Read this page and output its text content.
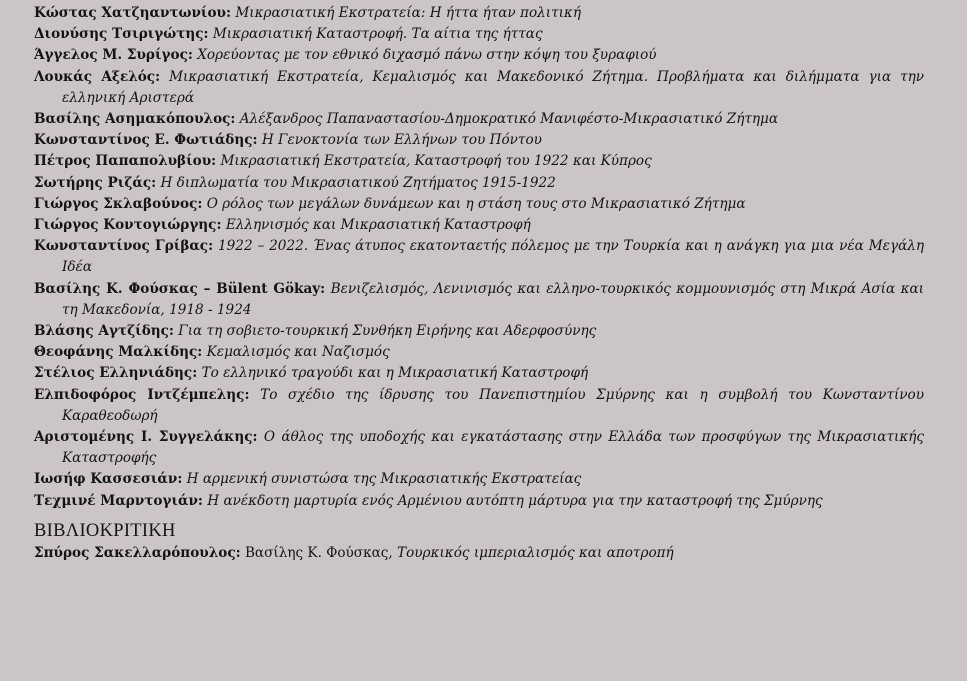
Κώστας Χατζηαντωνίου: Μικρασιατική Εκστρατεία: Η ήττα ήταν πολιτική

Διονύσης Τσιριγώτης: Μικρασιατική Καταστροφή. Τα αίτια της ήττας

Άγγελος Μ. Συρίγος: Χορεύοντας με τον εθνικό διχασμό πάνω στην κόψη του ξυραφιού

Λουκάς Αξελός: Μικρασιατική Εκστρατεία, Κεμαλισμός και Μακεδονικό Ζήτημα. Προβλήματα και διλήμματα για την ελληνική Αριστερά

Βασίλης Ασημακόπουλος: Αλέξανδρος Παπαναστασίου-Δημοκρατικό Μανιφέστο-Μικρασιατικό Ζήτημα

Κωνσταντίνος Ε. Φωτιάδης: Η Γενοκτονία των Ελλήνων του Πόντου

Πέτρος Παπαπολυβίου: Μικρασιατική Εκστρατεία, Καταστροφή του 1922 και Κύπρος

Σωτήρης Ριζάς: Η διπλωματία του Μικρασιατικού Ζητήματος 1915-1922

Γιώργος Σκλαβούνος: Ο ρόλος των μεγάλων δυνάμεων και η στάση τους στο Μικρασιατικό Ζήτημα

Γιώργος Κοντογιώργης: Ελληνισμός και Μικρασιατική Καταστροφή

Κωνσταντίνος Γρίβας: 1922 – 2022. Ένας άτυπος εκατονταετής πόλεμος με την Τουρκία και η ανάγκη για μια νέα Μεγάλη Ιδέα

Βασίλης Κ. Φούσκας – Bülent Gökay: Βενιζελισμός, Λενινισμός και ελληνο-τουρκικός κομμουνισμός στη Μικρά Ασία και τη Μακεδονία, 1918 - 1924

Βλάσης Αγτζίδης: Για τη σοβιετο-τουρκική Συνθήκη Ειρήνης και Αδερφοσύνης

Θεοφάνης Μαλκίδης: Κεμαλισμός και Ναζισμός

Στέλιος Ελληνιάδης: Το ελληνικό τραγούδι και η Μικρασιατική Καταστροφή

Ελπιδοφόρος Ιντζέμπελης: Το σχέδιο της ίδρυσης του Πανεπιστημίου Σμύρνης και η συμβολή του Κωνσταντίνου Καραθεοδωρή

Αριστομένης Ι. Συγγελάκης: Ο άθλος της υποδοχής και εγκατάστασης στην Ελλάδα των προσφύγων της Μικρασιατικής Καταστροφής

Ιωσήφ Κασσεσιάν: Η αρμενική συνιστώσα της Μικρασιατικής Εκστρατείας

Τεχμινέ Μαρντογιάν: Η ανέκδοτη μαρτυρία ενός Αρμένιου αυτόπτη μάρτυρα για την καταστροφή της Σμύρνης

ΒΙΒΛΙΟΚΡΙΤΙΚΗ

Σπύρος Σακελλαρόπουλος: Βασίλης Κ. Φούσκας, Τουρκικός ιμπεριαλισμός και αποτροπή
